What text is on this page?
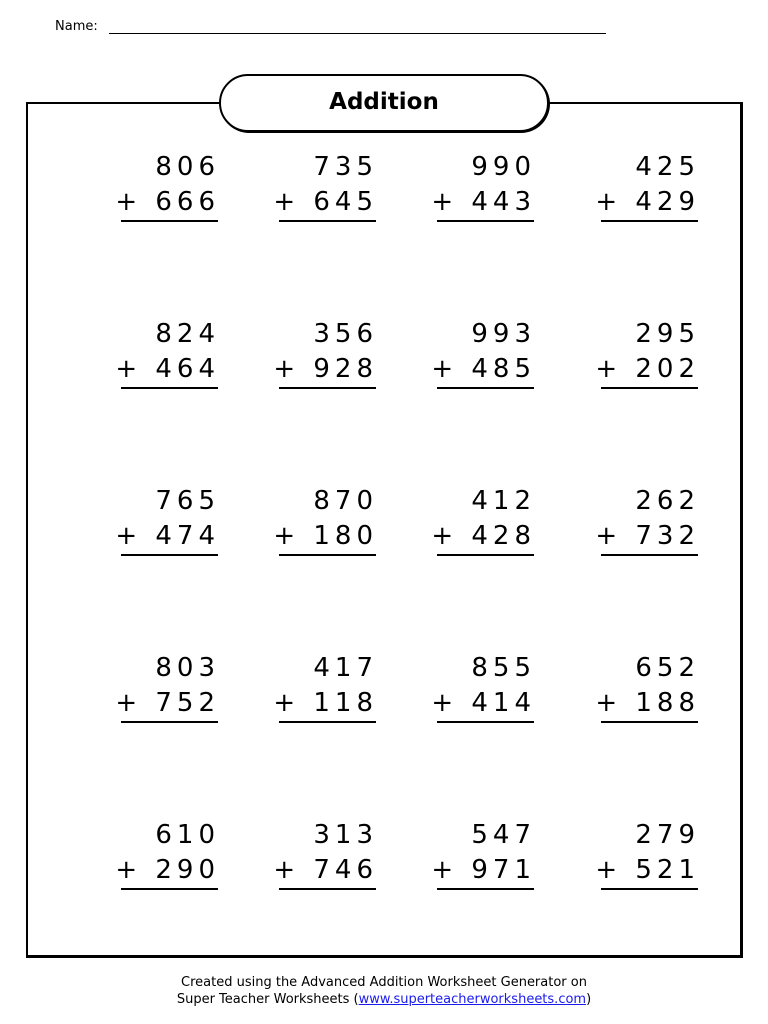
Name:
Addition
806
+ 666
735
+ 645
990
+ 443
425
+ 429
824
+ 464
356
+ 928
993
+ 485
295
+ 202
765
+ 474
870
+ 180
412
+ 428
262
+ 732
803
+ 752
417
+ 118
855
+ 414
652
+ 188
610
+ 290
313
+ 746
547
+ 971
279
+ 521
Created using the Advanced Addition Worksheet Generator on
Super Teacher Worksheets (www.superteacherworksheets.com)
